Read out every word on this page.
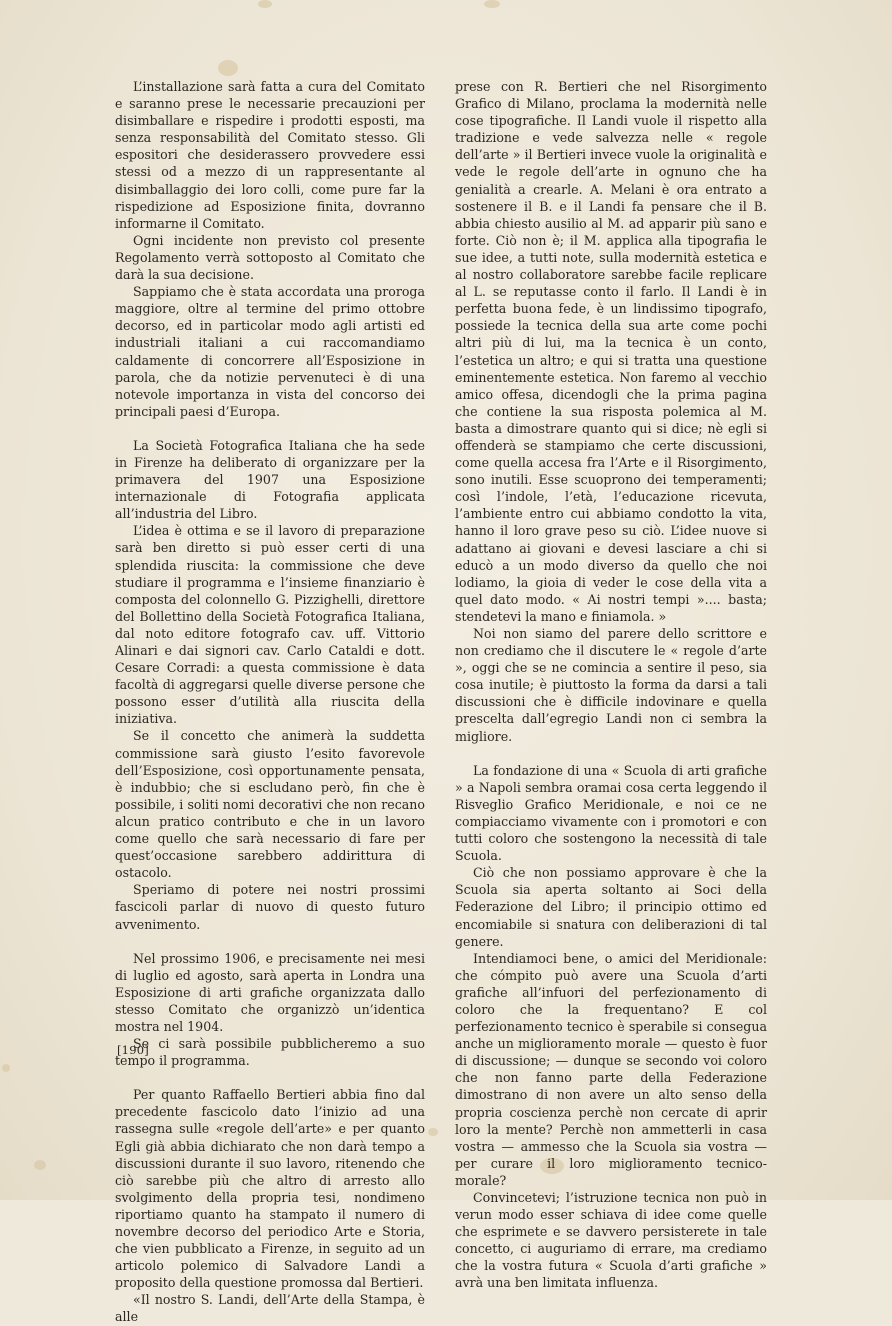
L’installazione sarà fatta a cura del Comitato e saranno prese le necessarie precauzioni per disimballare e rispedire i prodotti esposti, ma senza responsabilità del Comitato stesso. Gli espositori che desiderassero provvedere essi stessi od a mezzo di un rappresentante al disimballaggio dei loro colli, come pure far la rispedizione ad Esposizione finita, dovranno informarne il Comitato.

Ogni incidente non previsto col presente Regolamento verrà sottoposto al Comitato che darà la sua decisione.

Sappiamo che è stata accordata una proroga maggiore, oltre al termine del primo ottobre decorso, ed in particolar modo agli artisti ed industriali italiani a cui raccomandiamo caldamente di concorrere all’Esposizione in parola, che da notizie pervenuteci è di una notevole importanza in vista del concorso dei principali paesi d’Europa.

La Società Fotografica Italiana che ha sede in Firenze ha deliberato di organizzare per la primavera del 1907 una Esposizione internazionale di Fotografia applicata all’industria del Libro.

L’idea è ottima e se il lavoro di preparazione sarà ben diretto si può esser certi di una splendida riuscita: la commissione che deve studiare il programma e l’insieme finanziario è composta del colonnello G. Pizzighelli, direttore del Bollettino della Società Fotografica Italiana, dal noto editore fotografo cav. uff. Vittorio Alinari e dai signori cav. Carlo Cataldi e dott. Cesare Corradi: a questa commissione è data facoltà di aggregarsi quelle diverse persone che possono esser d’utilità alla riuscita della iniziativa.

Se il concetto che animerà la suddetta commissione sarà giusto l’esito favorevole dell’Esposizione, così opportunamente pensata, è indubbio; che si escludano però, fin che è possibile, i soliti nomi decorativi che non recano alcun pratico contributo e che in un lavoro come quello che sarà necessario di fare per quest’occasione sarebbero addirittura di ostacolo.

Speriamo di potere nei nostri prossimi fascicoli parlar di nuovo di questo futuro avvenimento.

Nel prossimo 1906, e precisamente nei mesi di luglio ed agosto, sarà aperta in Londra una Esposizione di arti grafiche organizzata dallo stesso Comitato che organizzò un’identica mostra nel 1904.

Se ci sarà possibile pubblicheremo a suo tempo il programma.

Per quanto Raffaello Bertieri abbia fino dal precedente fascicolo dato l’inizio ad una rassegna sulle «regole dell’arte» e per quanto Egli già abbia dichiarato che non darà tempo a discussioni durante il suo lavoro, ritenendo che ciò sarebbe più che altro di arresto allo svolgimento della propria tesi, nondimeno riportiamo quanto ha stampato il numero di novembre decorso del periodico Arte e Storia, che vien pubblicato a Firenze, in seguito ad un articolo polemico di Salvadore Landi a proposito della questione promossa dal Bertieri.

«Il nostro S. Landi, dell’Arte della Stampa, è alle

prese con R. Bertieri che nel Risorgimento Grafico di Milano, proclama la modernità nelle cose tipografiche. Il Landi vuole il rispetto alla tradizione e vede salvezza nelle « regole dell’arte » il Bertieri invece vuole la originalità e vede le regole dell’arte in ognuno che ha genialità a crearle. A. Melani è ora entrato a sostenere il B. e il Landi fa pensare che il B. abbia chiesto ausilio al M. ad apparir più sano e forte. Ciò non è; il M. applica alla tipografia le sue idee, a tutti note, sulla modernità estetica e al nostro collaboratore sarebbe facile replicare al L. se reputasse conto il farlo. Il Landi è in perfetta buona fede, è un lindissimo tipografo, possiede la tecnica della sua arte come pochi altri più di lui, ma la tecnica è un conto, l’estetica un altro; e qui si tratta una questione eminentemente estetica. Non faremo al vecchio amico offesa, dicendogli che la prima pagina che contiene la sua risposta polemica al M. basta a dimostrare quanto qui si dice; nè egli si offenderà se stampiamo che certe discussioni, come quella accesa fra l’Arte e il Risorgimento, sono inutili. Esse scuoprono dei temperamenti; così l’indole, l’età, l’educazione ricevuta, l’ambiente entro cui abbiamo condotto la vita, hanno il loro grave peso su ciò. L’idee nuove si adattano ai giovani e devesi lasciare a chi si educò a un modo diverso da quello che noi lodiamo, la gioia di veder le cose della vita a quel dato modo. « Ai nostri tempi ».... basta; stendetevi la mano e finiamola. »

Noi non siamo del parere dello scrittore e non crediamo che il discutere le « regole d’arte », oggi che se ne comincia a sentire il peso, sia cosa inutile; è piuttosto la forma da darsi a tali discussioni che è difficile indovinare e quella prescelta dall’egregio Landi non ci sembra la migliore.

La fondazione di una « Scuola di arti grafiche » a Napoli sembra oramai cosa certa leggendo il Risveglio Grafico Meridionale, e noi ce ne compiacciamo vivamente con i promotori e con tutti coloro che sostengono la necessità di tale Scuola.

Ciò che non possiamo approvare è che la Scuola sia aperta soltanto ai Soci della Federazione del Libro; il principio ottimo ed encomiabile si snatura con deliberazioni di tal genere.

Intendiamoci bene, o amici del Meridionale: che cómpito può avere una Scuola d’arti grafiche all’infuori del perfezionamento di coloro che la frequentano? E col perfezionamento tecnico è sperabile si consegua anche un miglioramento morale — questo è fuor di discussione; — dunque se secondo voi coloro che non fanno parte della Federazione dimostrano di non avere un alto senso della propria coscienza perchè non cercate di aprir loro la mente? Perchè non ammetterli in casa vostra — ammesso che la Scuola sia vostra — per curare il loro miglioramento tecnico-morale?

Convincetevi; l’istruzione tecnica non può in verun modo esser schiava di idee come quelle che esprimete e se davvero persisterete in tale concetto, ci auguriamo di errare, ma crediamo che la vostra futura « Scuola d’arti grafiche » avrà una ben limitata influenza.

[190]
